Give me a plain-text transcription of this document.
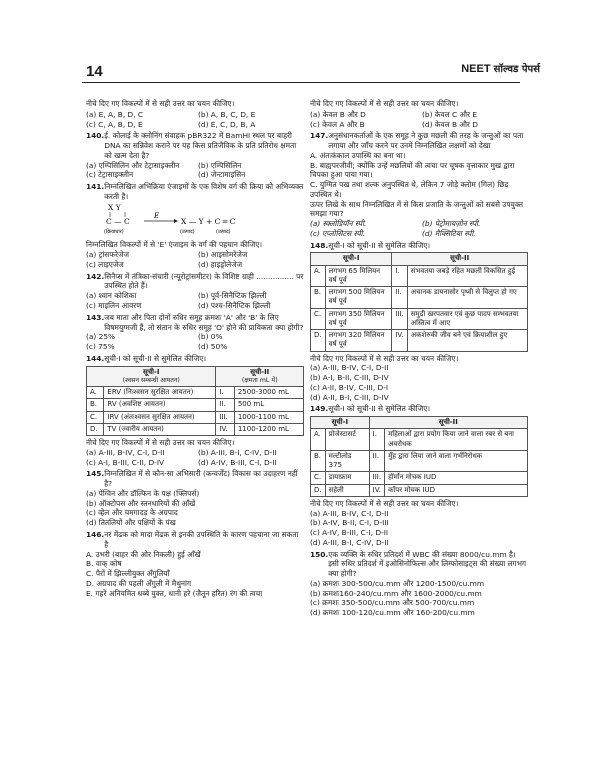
14	NEET सॉल्वड पेपर्स
नीचे दिए गए विकल्पों में से सही उत्तर का चयन कीजिए।
(a) E, A, B, D, C	(b) A, B, C, D, E
(c) C, A, B, D, E	(d) E, C, D, B, A
140. ई. कोलाई के क्लोनिंग संवाहक pBR322 में BamHI स्थल पर बाहरी DNA का सन्निवेश कराने पर यह किस प्रतिजैविक के प्रति प्रतिरोध क्षमता को खत्म देता है?
(a) एम्पिसिलिन और टेट्रासाइक्लीन	(b) एम्पिसिलिन
(c) टेट्रासाइक्लीन	(d) जेन्टामाइसिन
141. निम्नलिखित अभिक्रिया एंजाइमों के एक विशेष वर्ग की क्रिया को अभिव्यक्त करती है।
X Y
C — C
E
X — Y + C ═ C
(क्रियाधार)	(उत्पाद)	(उत्पाद)
निम्नलिखित विकल्पों में से 'E' एंजाइम के वर्ग की पहचान कीजिए।
(a) ट्रांसफरेजेज	(b) आइसोमरेजेज
(c) लाइएजेज	(d) हाइड्रोलेजेज
142. सिनैप्स में तंत्रिका-संचारी (न्यूरोट्रांसमीटर) के विशिष्ट ग्राही ................ पर उपस्थित होते हैं।
(a) श्वान कोशिका	(b) पूर्व-सिनैप्टिक झिल्ली
(c) माइलिन आवरण	(d) पश्च-सिनैप्टिक झिल्ली
143. जब माता और पिता दोनों रुधिर समूह क्रमशः 'A' और 'B' के लिए विषमयुग्मजी हैं, तो संतान के रुधिर समूह 'O' होने की प्रायिकता क्या होगी?
(a) 25%	(b) 0%
(c) 75%	(d) 50%
144. सूची-I को सूची-II से सुमेलित कीजिए।
सूची-I
(श्वसन सम्बन्धी आयतन)		सूची-II
(क्षमता mL में)	

A.	ERV (निःश्वसन सुरक्षित आयतन)	I.	2500-3000 mL
B.	RV (अवशिष्ट आयतन)	II.	500 mL
C.	IRV (अंतःश्वसन सुरक्षित आयतन)	III.	1000-1100 mL
D.	TV (ज्वारीय आयतन)	IV.	1100-1200 mL
नीचे दिए गए विकल्पों में से सही उत्तर का चयन कीजिए।
(a) A-III, B-IV, C-I, D-II	(b) A-III, B-I, C-IV, D-II
(c) A-I, B-III, C-II, D-IV	(d) A-IV, B-III, C-I, D-II
145. निम्नलिखित में से कौन-सा अभिसारी (कन्वर्जेंट) विकास का उदाहरण नहीं है?
(a) पेंग्विन और डॉल्फिन के पक्ष (फ्लिपर्स)
(b) ऑक्टोपस और स्तनधारियों की आँखें
(c) व्हेल और चमगादड़ के अग्रपाद
(d) तितलियों और पक्षियों के पंख
146. नर मेंढक को मादा मेंढक से इनकी उपस्थिति के कारण पहचाना जा सकता है
A. उभरी (बाहर की ओर निकली) हुई आँखें
B. वाक् कोष
C. पैरों में झिल्लीयुक्त अँगुलियाँ
D. अग्रपाद की पहली अँगुली में मैथुनांग
E. गहरे अनियमित धब्बे युक्त, धानी हरे (जैतून हरित) रंग की त्वचा
नीचे दिए गए विकल्पों में से सही उत्तर का चयन कीजिए।
(a) केवल B और D	(b) केवल C और E
(c) केवल A और B	(d) केवल B और D
147. अनुसंधानकर्ताओं के एक समूह ने कुछ मछली की तरह के जन्तुओं का पता लगाया और जाँच करने पर उनमें निम्नलिखित लक्षणों को देखा
A. अंतःकंकाल उपास्थि का बना था।
B. बाह्यपरजीवी; क्योंकि उन्हें मछलियों की त्वचा पर चूषक वृत्ताकार मुख द्वारा चिपका हुआ पाया गया।
C. युग्मित पख तथा शल्क अनुपस्थित थे, लेकिन 7 जोड़े क्लोम (गिल) छिद्र उपस्थित थे।
ऊपर लिखे के साथ निम्नलिखित में से किस प्रजाति के जन्तुओं को सबसे उपयुक्त समझा गया?
(a) स्क्लोडियॉन स्पी.	(b) पेट्रोमायज़ोन स्पी.
(c) एप्लोसिटस स्पी.	(d) मैक्सिटिया स्पी.
148. सूची-I को सूची-II से सुमेलित कीजिए।
सूची-I		सूची-II	
A.	लगभग 65 मिलियन वर्ष पूर्व	I.	संभवतया जबड़े रहित मछली विकसित हुई
B.	लगभग 500 मिलियन वर्ष पूर्व	II.	अचानक डायनासोर पृथ्वी से विलुप्त हो गए
C.	लगभग 350 मिलियन वर्ष पूर्व	III.	समुद्री खरपतवार एवं कुछ पादप सम्भवतया अस्तित्व में आए
D.	लगभग 320 मिलियन वर्ष पूर्व	IV.	अकशेरुकी जीव बने एवं क्रियाशील हुए
नीचे दिए गए विकल्पों में से सही उत्तर का चयन कीजिए।
(a) A-III, B-IV, C-I, D-II
(b) A-I, B-II, C-III, D-IV
(c) A-II, B-IV, C-III, D-I
(d) A-II, B-I, C-III, D-IV
149. सूची-I को सूची-II से सुमेलित कीजिए।
सूची-I		सूची-II	
A.	प्रोजेस्टासर्ट	I.	महिलाओं द्वारा प्रयोग किया जाने वाला रबर से बना अवरोधक
B.	मल्टीलोड 375	II.	मुँह द्वारा लिया जाने वाला गर्भनिरोधक
C.	डायाफ्राम	III.	हॉर्मोन मोचक IUD
D.	सहेली	IV.	कॉपर मोचक IUD
नीचे दिए गए विकल्पों में से सही उत्तर का चयन कीजिए।
(a) A-III, B-IV, C-I, D-II
(b) A-IV, B-II, C-I, D-III
(c) A-IV, B-III, C-I, D-II
(d) A-III, B-I, C-IV, D-II
150. एक व्यक्ति के रुधिर प्रतिदर्श में WBC की संख्या 8000/cu.mm है। इसी रुधिर प्रतिदर्श में इओसिनोफिल्स और लिम्फोसाइट्स की संख्या लगभग क्या होगी?
(a) क्रमशः 300-500/cu.mm और 1200-1500/cu.mm
(b) क्रमशः160-240/cu.mm और 1600-2000/cu.mm
(c) क्रमशः 350-500/cu.mm और 500-700/cu.mm
(d) क्रमशः 100-120/cu.mm और 160-200/cu.mm
